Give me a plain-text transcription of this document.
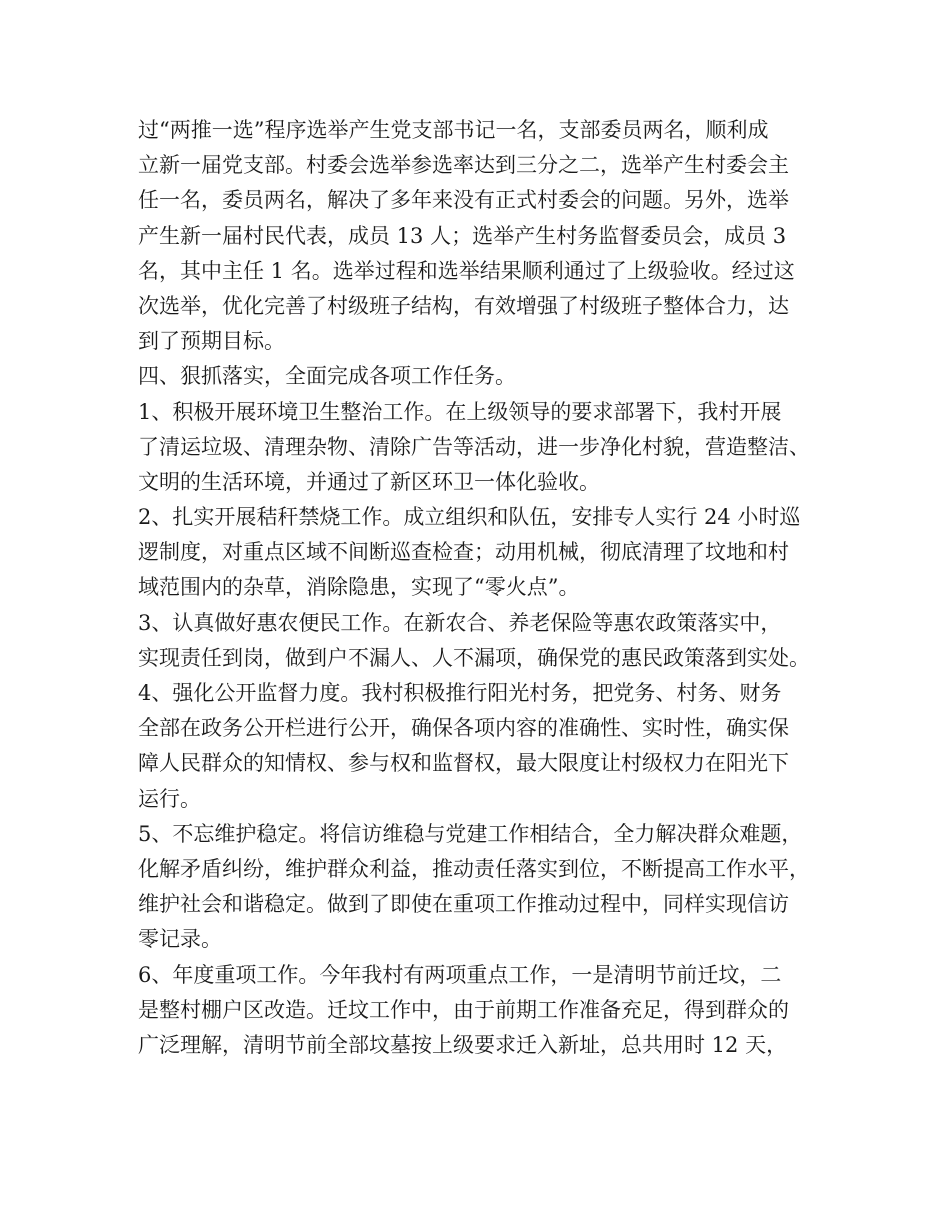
过“两推一选”程序选举产生党支部书记一名，支部委员两名，顺利成
立新一届党支部。村委会选举参选率达到三分之二，选举产生村委会主
任一名，委员两名，解决了多年来没有正式村委会的问题。另外，选举
产生新一届村民代表，成员 13 人；选举产生村务监督委员会，成员 3
名，其中主任 1 名。选举过程和选举结果顺利通过了上级验收。经过这
次选举，优化完善了村级班子结构，有效增强了村级班子整体合力，达
到了预期目标。
四、狠抓落实，全面完成各项工作任务。
1、积极开展环境卫生整治工作。在上级领导的要求部署下，我村开展
了清运垃圾、清理杂物、清除广告等活动，进一步净化村貌，营造整洁、
文明的生活环境，并通过了新区环卫一体化验收。
2、扎实开展秸秆禁烧工作。成立组织和队伍，安排专人实行 24 小时巡
逻制度，对重点区域不间断巡查检查；动用机械，彻底清理了坟地和村
域范围内的杂草，消除隐患，实现了“零火点”。
3、认真做好惠农便民工作。在新农合、养老保险等惠农政策落实中，
实现责任到岗，做到户不漏人、人不漏项，确保党的惠民政策落到实处。
4、强化公开监督力度。我村积极推行阳光村务，把党务、村务、财务
全部在政务公开栏进行公开，确保各项内容的准确性、实时性，确实保
障人民群众的知情权、参与权和监督权，最大限度让村级权力在阳光下
运行。
5、不忘维护稳定。将信访维稳与党建工作相结合，全力解决群众难题，
化解矛盾纠纷，维护群众利益，推动责任落实到位，不断提高工作水平，
维护社会和谐稳定。做到了即使在重项工作推动过程中，同样实现信访
零记录。
6、年度重项工作。今年我村有两项重点工作，一是清明节前迁坟，二
是整村棚户区改造。迁坟工作中，由于前期工作准备充足，得到群众的
广泛理解，清明节前全部坟墓按上级要求迁入新址，总共用时 12 天，
